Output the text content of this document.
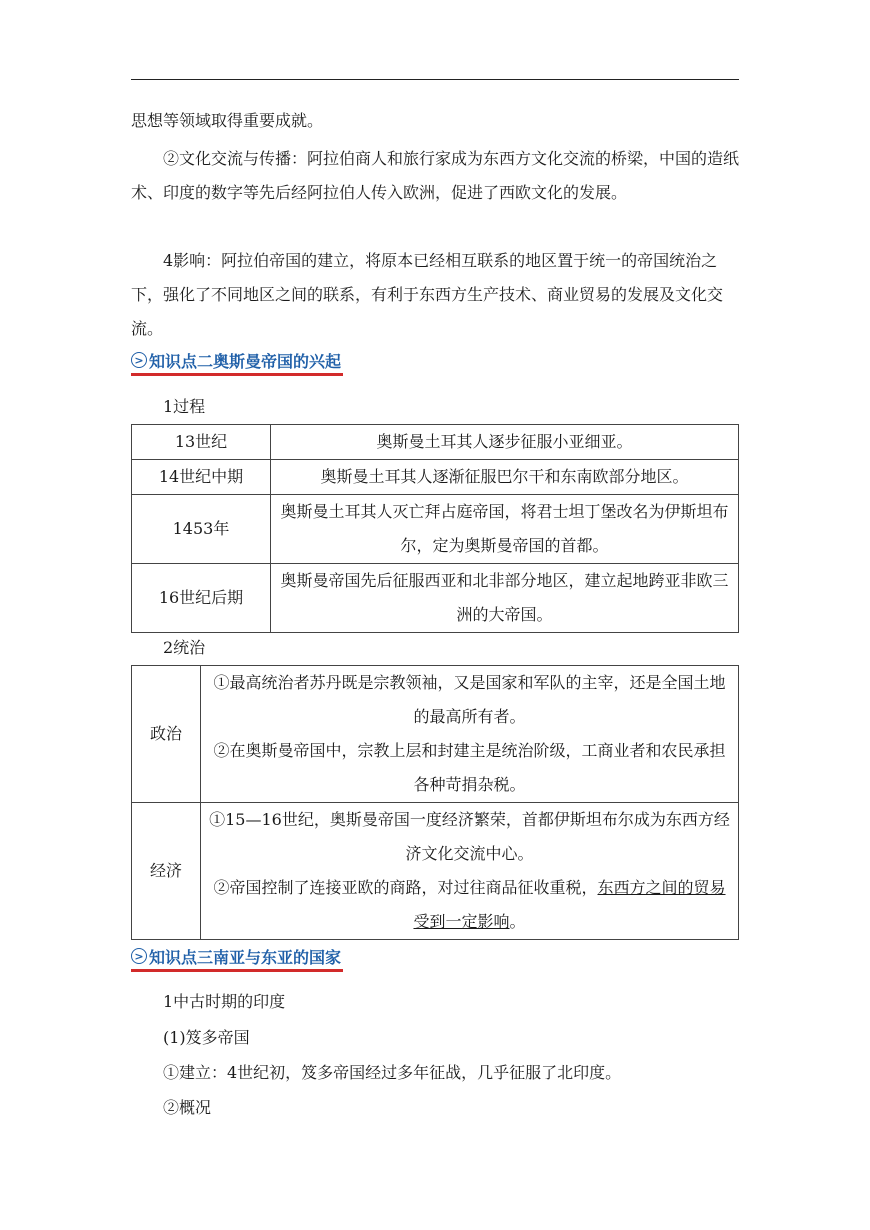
思想等领域取得重要成就。

②文化交流与传播：阿拉伯商人和旅行家成为东西方文化交流的桥梁，中国的造纸术、印度的数字等先后经阿拉伯人传入欧洲，促进了西欧文化的发展。

4影响：阿拉伯帝国的建立，将原本已经相互联系的地区置于统一的帝国统治之下，强化了不同地区之间的联系，有利于东西方生产技术、商业贸易的发展及文化交流。

> 知识点二奥斯曼帝国的兴起

1过程

13世纪	奥斯曼土耳其人逐步征服小亚细亚。
14世纪中期	奥斯曼土耳其人逐渐征服巴尔干和东南欧部分地区。
1453年	奥斯曼土耳其人灭亡拜占庭帝国，将君士坦丁堡改名为伊斯坦布尔，定为奥斯曼帝国的首都。
16世纪后期	奥斯曼帝国先后征服西亚和北非部分地区，建立起地跨亚非欧三洲的大帝国。

2统治

政治	①最高统治者苏丹既是宗教领袖，又是国家和军队的主宰，还是全国土地的最高所有者。
②在奥斯曼帝国中，宗教上层和封建主是统治阶级，工商业者和农民承担各种苛捐杂税。

经济	①15—16世纪，奥斯曼帝国一度经济繁荣，首都伊斯坦布尔成为东西方经济文化交流中心。
②帝国控制了连接亚欧的商路，对过往商品征收重税，东西方之间的贸易受到一定影响。
> 知识点三南亚与东亚的国家

1中古时期的印度

(1)笈多帝国

①建立：4世纪初，笈多帝国经过多年征战，几乎征服了北印度。

②概况
